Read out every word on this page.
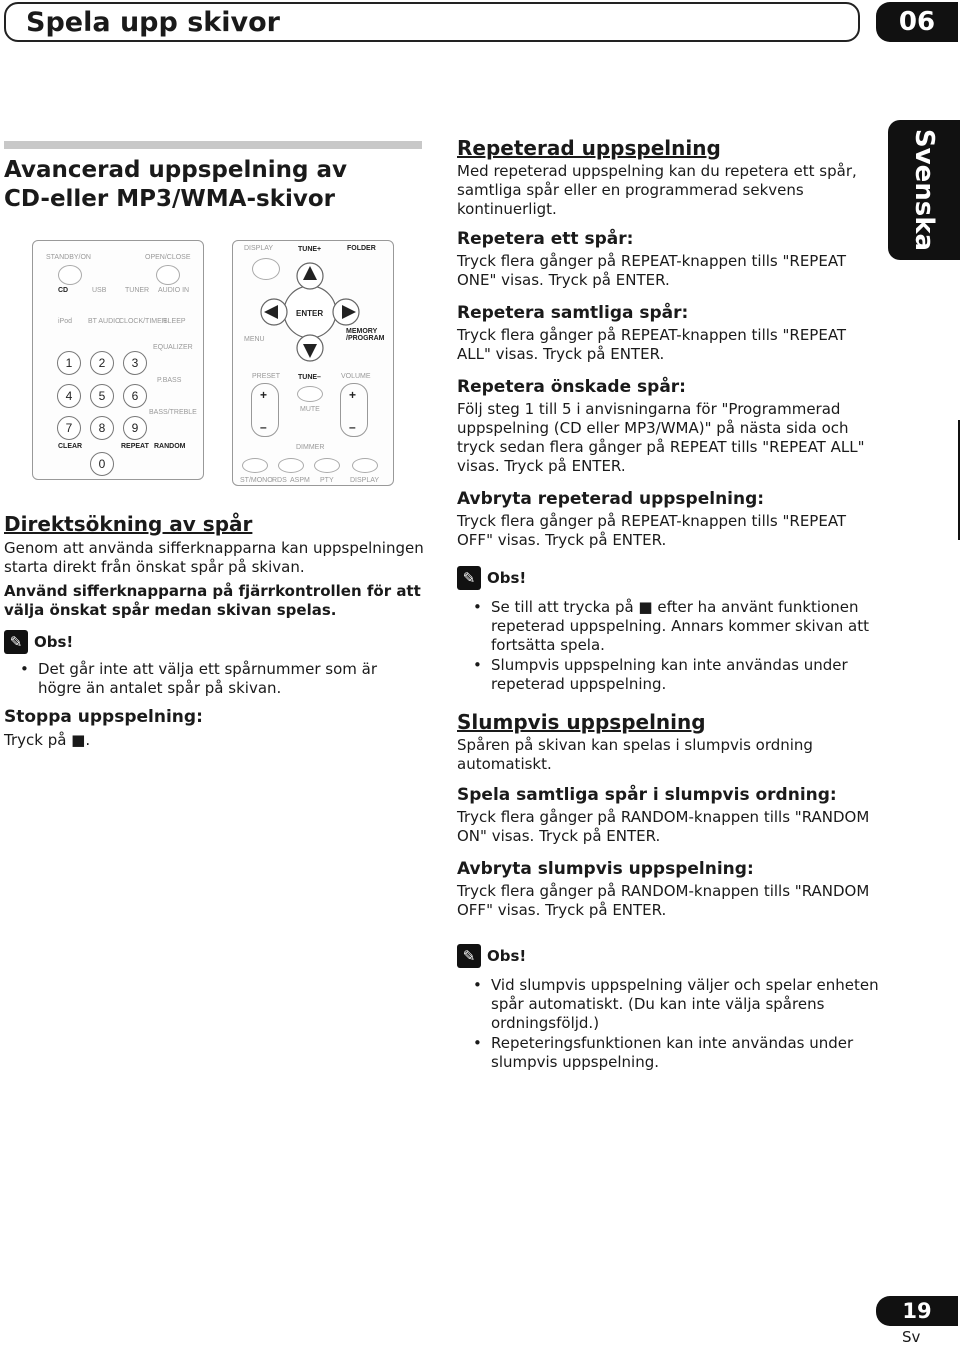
Spela upp skivor	06
Svenska
Avancerad uppspelning av CD-eller MP3/WMA-skivor
STANDBY/ON	OPEN/CLOSE
CD	USB	TUNER AUDIO IN
iPod BT AUDIO
CLOCK/TIMER
SLEEP
EQUALIZER
P.BASS
BASS/TREBLE
1	2	3
4	5	6
7	8	9
CLEAR	REPEAT RANDOM
0
DISPLAY	TUNE+	FOLDER
ENTER
MENU
MEMORY /PROGRAM
PRESET	TUNE–	VOLUME
+
–
+
–
MUTE
DIMMER
ST/MONO RDS ASPM PTY DISPLAY
Direktsökning av spår

Genom att använda sifferknapparna kan uppspelningen starta direkt från önskat spår på skivan.

Använd sifferknapparna på fjärrkontrollen för att välja önskat spår medan skivan spelas.

✎ Obs!
• Det går inte att välja ett spårnummer som är högre än antalet spår på skivan.
Stoppa uppspelning:

Tryck på ■.

Repeterad uppspelning

Med repeterad uppspelning kan du repetera ett spår, samtliga spår eller en programmerad sekvens kontinuerligt.

Repetera ett spår:

Tryck flera gånger på REPEAT-knappen tills "REPEAT ONE" visas. Tryck på ENTER.

Repetera samtliga spår:

Tryck flera gånger på REPEAT-knappen tills "REPEAT ALL" visas. Tryck på ENTER.

Repetera önskade spår:

Följ steg 1 till 5 i anvisningarna för "Programmerad uppspelning (CD eller MP3/WMA)" på nästa sida och tryck sedan flera gånger på REPEAT tills "REPEAT ALL" visas. Tryck på ENTER.

Avbryta repeterad uppspelning:

Tryck flera gånger på REPEAT-knappen tills "REPEAT OFF" visas. Tryck på ENTER.

✎ Obs!
• Se till att trycka på ■ efter ha använt funktionen repeterad uppspelning. Annars kommer skivan att fortsätta spela.
• Slumpvis uppspelning kan inte användas under repeterad uppspelning.
Slumpvis uppspelning

Spåren på skivan kan spelas i slumpvis ordning automatiskt.

Spela samtliga spår i slumpvis ordning:

Tryck flera gånger på RANDOM-knappen tills "RANDOM ON" visas. Tryck på ENTER.

Avbryta slumpvis uppspelning:

Tryck flera gånger på RANDOM-knappen tills "RANDOM OFF" visas. Tryck på ENTER.

✎ Obs!
• Vid slumpvis uppspelning väljer och spelar enheten spår automatiskt. (Du kan inte välja spårens ordningsföljd.)
• Repeteringsfunktionen kan inte användas under slumpvis uppspelning.
19
Sv
